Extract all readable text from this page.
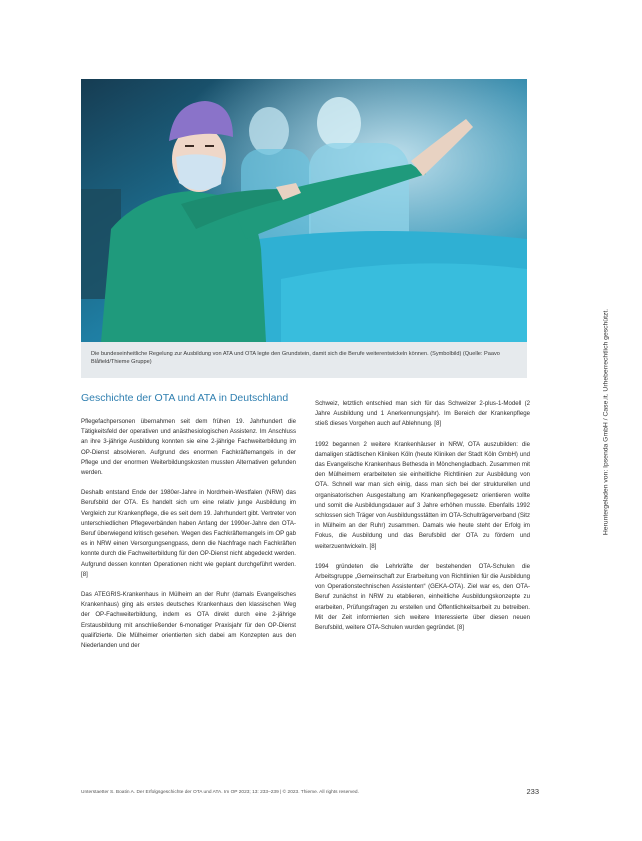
Die bundeseinheitliche Regelung zur Ausbildung von ATA und OTA legte den Grundstein, damit sich die Berufe weiterentwickeln können. (Symbolbild) (Quelle: Paavo Blåfield/Thieme Gruppe)	Heruntergeladen von: Ipsenda GmbH / Case.it. Urheberrechtlich geschützt.
Geschichte der OTA und ATA in Deutschland

Pflegefachpersonen übernahmen seit dem frühen 19. Jahrhundert die Tätigkeitsfeld der operativen und anästhesiologischen Assistenz. Im Anschluss an ihre 3-jährige Ausbildung konnten sie eine 2-jährige Fachweiterbildung im OP-Dienst absolvieren. Aufgrund des enormen Fachkräftemangels in der Pflege und der enormen Weiterbildungskosten mussten Alternativen gefunden werden.

Deshalb entstand Ende der 1980er-Jahre in Nordrhein-Westfalen (NRW) das Berufsbild der OTA. Es handelt sich um eine relativ junge Ausbildung im Vergleich zur Krankenpflege, die es seit dem 19. Jahrhundert gibt. Vertreter von unterschiedlichen Pflegeverbänden haben Anfang der 1990er-Jahre den OTA-Beruf überwiegend kritisch gesehen. Wegen des Fachkräftemangels im OP gab es in NRW einen Versorgungsengpass, denn die Nachfrage nach Fachkräften konnte durch die Fachweiterbildung für den OP-Dienst nicht abgedeckt werden. Aufgrund dessen konnten Operationen nicht wie geplant durchgeführt werden. [8]

Das ATEGRIS-Krankenhaus in Mülheim an der Ruhr (damals Evangelisches Krankenhaus) ging als erstes deutsches Krankenhaus den klassischen Weg der OP-Fachweiterbildung, indem es OTA direkt durch eine 2-jährige Erstausbildung mit anschließender 6-monatiger Praxisjahr für den OP-Dienst qualifizierte. Die Mülheimer orientierten sich dabei am Konzepten aus den Niederlanden und der

Schweiz, letztlich entschied man sich für das Schweizer 2-plus-1-Modell (2 Jahre Ausbildung und 1 Anerkennungsjahr). Im Bereich der Krankenpflege stieß dieses Vorgehen auch auf Ablehnung. [8]

1992 begannen 2 weitere Krankenhäuser in NRW, OTA auszubilden: die damaligen städtischen Kliniken Köln (heute Kliniken der Stadt Köln GmbH) und das Evangelische Krankenhaus Bethesda in Mönchengladbach. Zusammen mit den Mülheimern erarbeiteten sie einheitliche Richtlinien zur Ausbildung von OTA. Schnell war man sich einig, dass man sich bei der strukturellen und organisatorischen Ausgestaltung am Krankenpflegegesetz orientieren wollte und somit die Ausbildungsdauer auf 3 Jahre erhöhen musste. Ebenfalls 1992 schlossen sich Träger von Ausbildungsstätten im OTA-Schulträgerverband (Sitz in Mülheim an der Ruhr) zusammen. Damals wie heute steht der Erfolg im Fokus, die Ausbildung und das Berufsbild der OTA zu fördern und weiterzuentwickeln. [8]

1994 gründeten die Lehrkräfte der bestehenden OTA-Schulen die Arbeitsgruppe „Gemeinschaft zur Erarbeitung von Richtlinien für die Ausbildung von Operationstechnischen Assistenten“ (GEKA-OTA). Ziel war es, den OTA-Beruf zunächst in NRW zu etablieren, einheitliche Ausbildungskonzepte zu erarbeiten, Prüfungsfragen zu erstellen und Öffentlichkeitsarbeit zu betreiben. Mit der Zeit informierten sich weitere Interessierte über diesen neuen Berufsbild, weitere OTA-Schulen wurden gegründet. [8]

Unterstaetter S. Boatin A. Der Erfolgsgeschichte der OTA und ATA. Im OP 2023; 13: 233–239 | © 2023. Thieme. All rights reserved.	233
